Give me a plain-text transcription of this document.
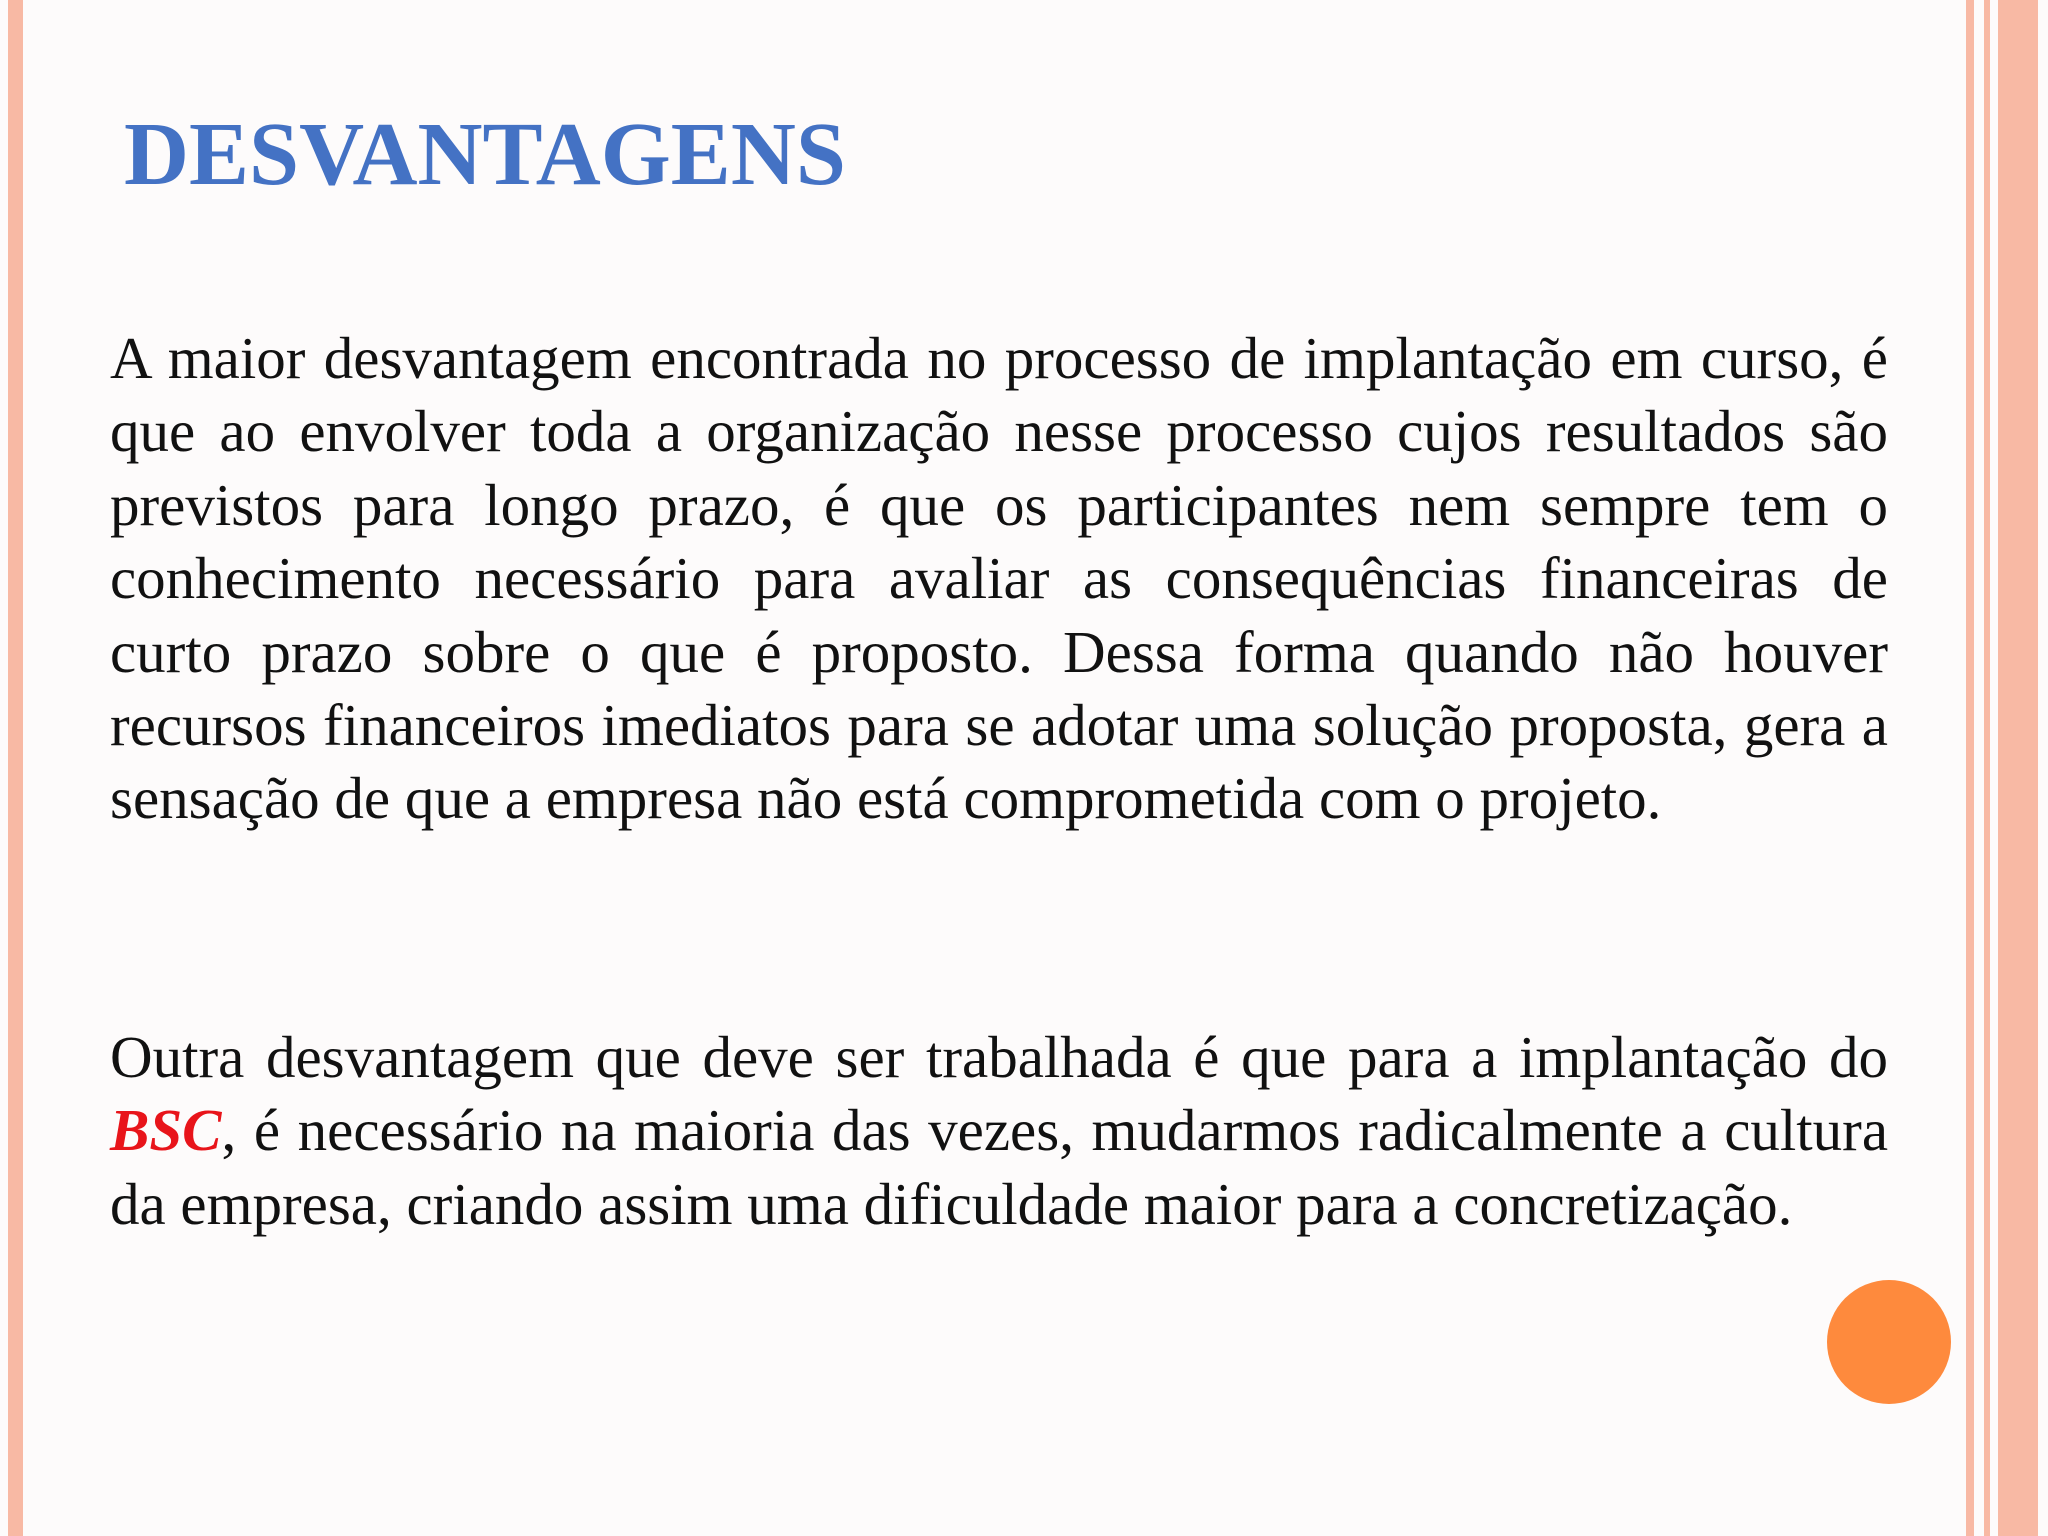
DESVANTAGENS

A maior desvantagem encontrada no processo de implantação em curso, é que ao envolver toda a organização nesse processo cujos resultados são previstos para longo prazo, é que os participantes nem sempre tem o conhecimento necessário para avaliar as consequências financeiras de curto prazo sobre o que é proposto. Dessa forma quando não houver recursos financeiros imediatos para se adotar uma solução proposta, gera a sensação de que a empresa não está comprometida com o projeto.

Outra desvantagem que deve ser trabalhada é que para a implantação do BSC, é necessário na maioria das vezes, mudarmos radicalmente a cultura da empresa, criando assim uma dificuldade maior para a concretização.
